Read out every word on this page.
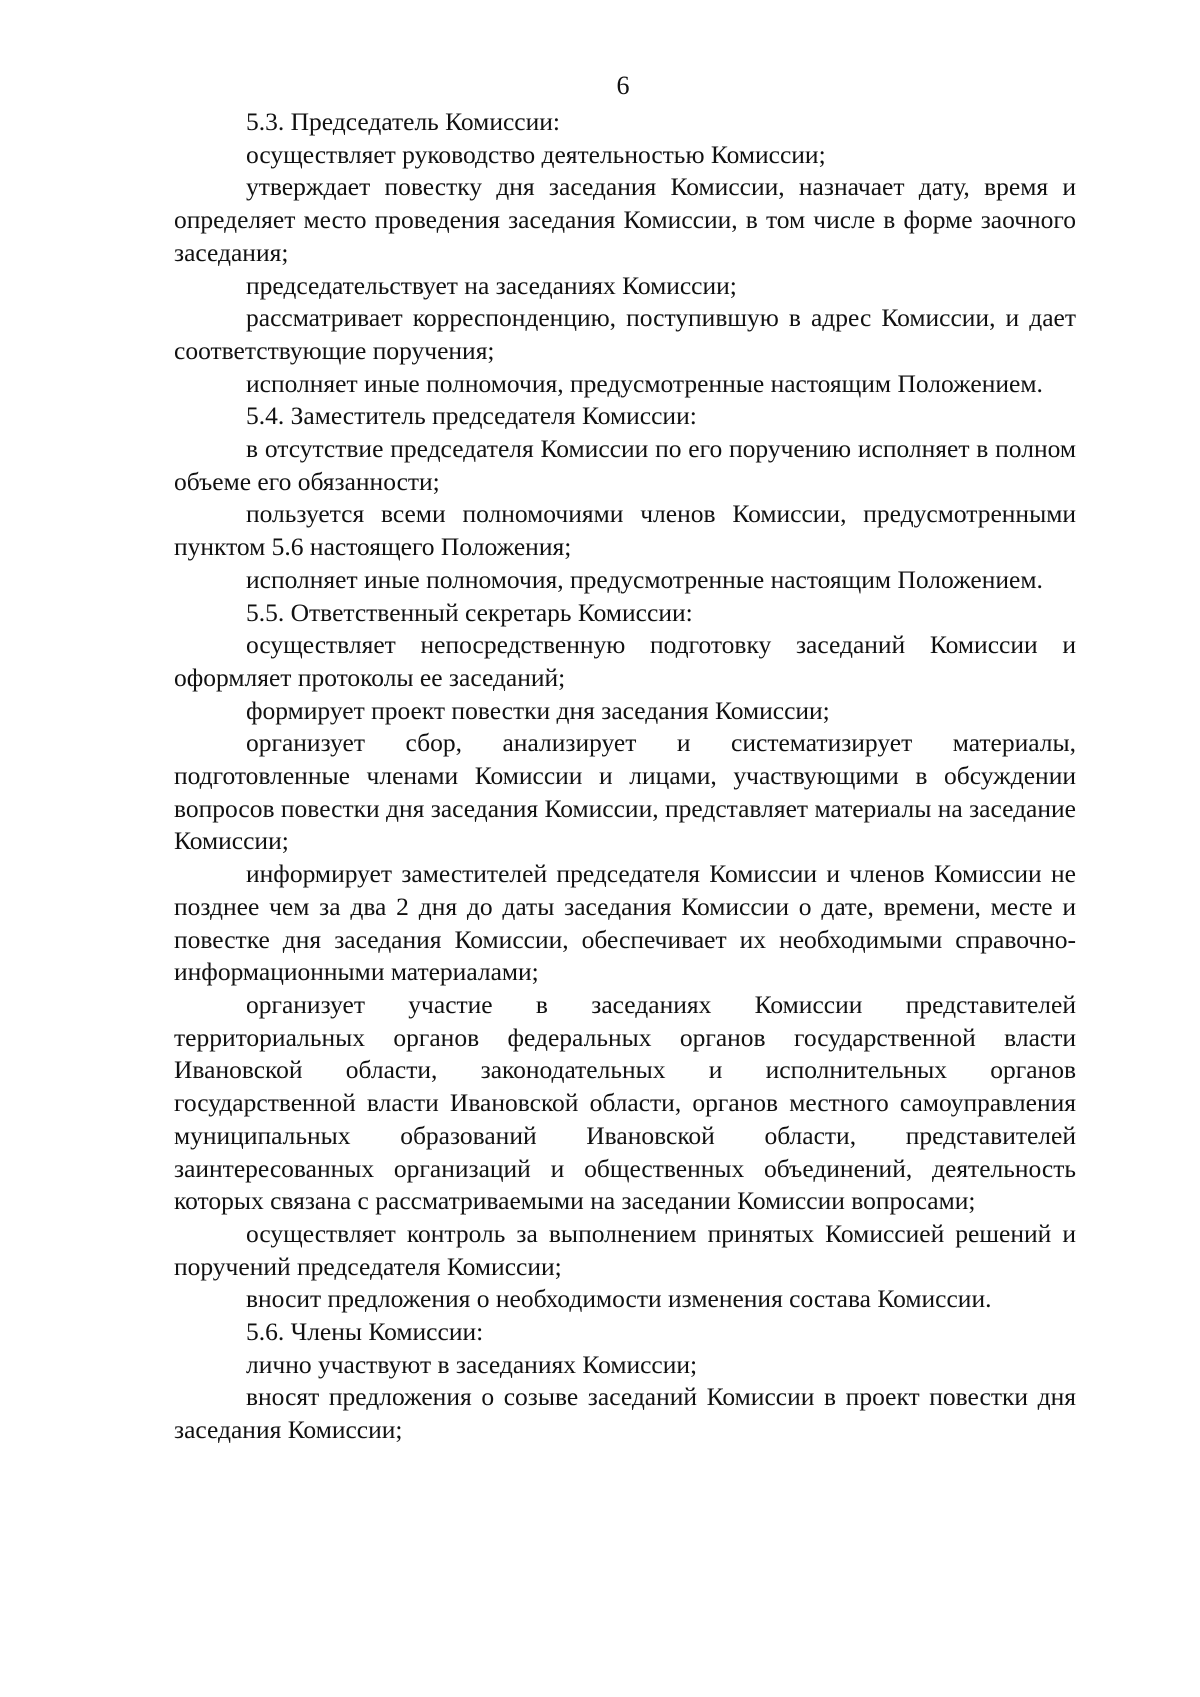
6

5.3. Председатель Комиссии:

осуществляет руководство деятельностью Комиссии;

утверждает повестку дня заседания Комиссии, назначает дату, время и определяет место проведения заседания Комиссии, в том числе в форме заочного заседания;

председательствует на заседаниях Комиссии;

рассматривает корреспонденцию, поступившую в адрес Комиссии, и дает соответствующие поручения;

исполняет иные полномочия, предусмотренные настоящим Положением.

5.4. Заместитель председателя Комиссии:

в отсутствие председателя Комиссии по его поручению исполняет в полном объеме его обязанности;

пользуется всеми полномочиями членов Комиссии, предусмотренными пунктом 5.6 настоящего Положения;

исполняет иные полномочия, предусмотренные настоящим Положением.

5.5. Ответственный секретарь Комиссии:

осуществляет непосредственную подготовку заседаний Комиссии и оформляет протоколы ее заседаний;

формирует проект повестки дня заседания Комиссии;

организует сбор, анализирует и систематизирует материалы, подготовленные членами Комиссии и лицами, участвующими в обсуждении вопросов повестки дня заседания Комиссии, представляет материалы на заседание Комиссии;

информирует заместителей председателя Комиссии и членов Комиссии не позднее чем за два 2 дня до даты заседания Комиссии о дате, времени, месте и повестке дня заседания Комиссии, обеспечивает их необходимыми справочно-информационными материалами;

организует участие в заседаниях Комиссии представителей территориальных органов федеральных органов государственной власти Ивановской области, законодательных и исполнительных органов государственной власти Ивановской области, органов местного самоуправления муниципальных образований Ивановской области, представителей заинтересованных организаций и общественных объединений, деятельность которых связана с рассматриваемыми на заседании Комиссии вопросами;

осуществляет контроль за выполнением принятых Комиссией решений и поручений председателя Комиссии;

вносит предложения о необходимости изменения состава Комиссии.

5.6. Члены Комиссии:

лично участвуют в заседаниях Комиссии;

вносят предложения о созыве заседаний Комиссии в проект повестки дня заседания Комиссии;
